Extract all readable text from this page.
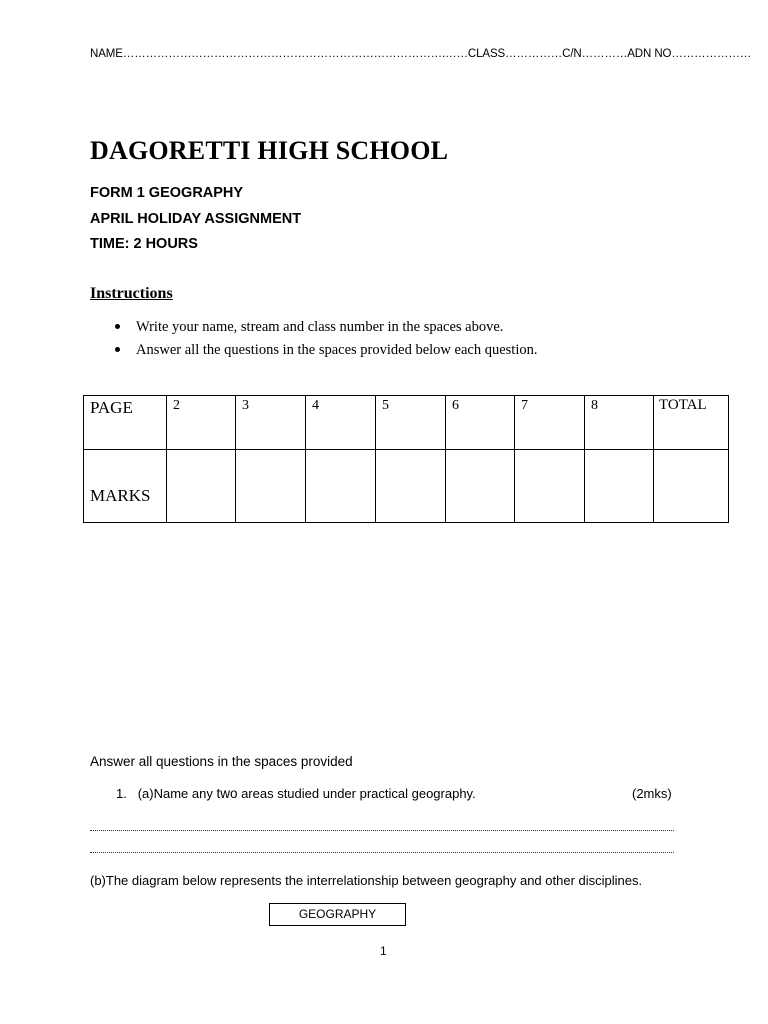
NAME………………………………………………………………………….……CLASS……………C/N…………ADN NO…………………
DAGORETTI HIGH SCHOOL
FORM 1 GEOGRAPHY
APRIL HOLIDAY ASSIGNMENT
TIME: 2 HOURS
Instructions
Write your name, stream and class number in the spaces above.
Answer all the questions in the spaces provided below each question.
PAGE	2	3	4	5	6	7	8	TOTAL
MARKS								
Answer all questions in the spaces provided
1. (a)Name any two areas studied under practical geography.	(2mks)
(b)The diagram below represents the interrelationship between geography and other disciplines.
GEOGRAPHY
1
